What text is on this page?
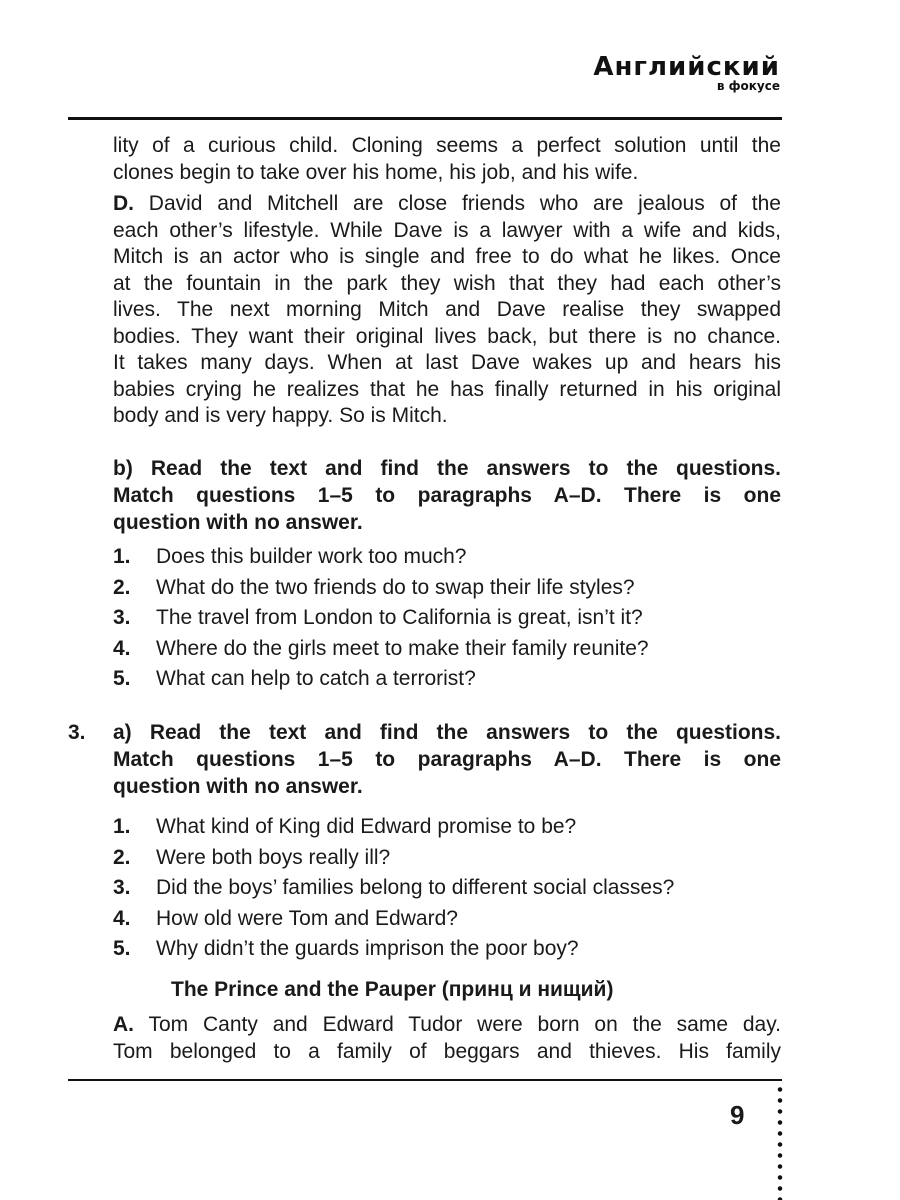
Английский
в фокусе
lity of a curious child. Cloning seems a perfect solution until the
clones begin to take over his home, his job, and his wife.
D. David and Mitchell are close friends who are jealous of the
each other’s lifestyle. While Dave is a lawyer with a wife and kids,
Mitch is an actor who is single and free to do what he likes. Once
at the fountain in the park they wish that they had each other’s
lives. The next morning Mitch and Dave realise they swapped
bodies. They want their original lives back, but there is no chance.
It takes many days. When at last Dave wakes up and hears his
babies crying he realizes that he has finally returned in his original
body and is very happy. So is Mitch.
b) Read the text and find the answers to the questions.
Match questions 1–5 to paragraphs A–D. There is one
question with no answer.
1. Does this builder work too much?
2. What do the two friends do to swap their life styles?
3. The travel from London to California is great, isn’t it?
4. Where do the girls meet to make their family reunite?
5. What can help to catch a terrorist?
3. a) Read the text and find the answers to the questions.
Match questions 1–5 to paragraphs A–D. There is one
question with no answer.
1. What kind of King did Edward promise to be?
2. Were both boys really ill?
3. Did the boys’ families belong to different social classes?
4. How old were Tom and Edward?
5. Why didn’t the guards imprison the poor boy?
The Prince and the Pauper (принц и нищий)
A. Tom Canty and Edward Tudor were born on the same day.
Tom belonged to a family of beggars and thieves. His family
9
